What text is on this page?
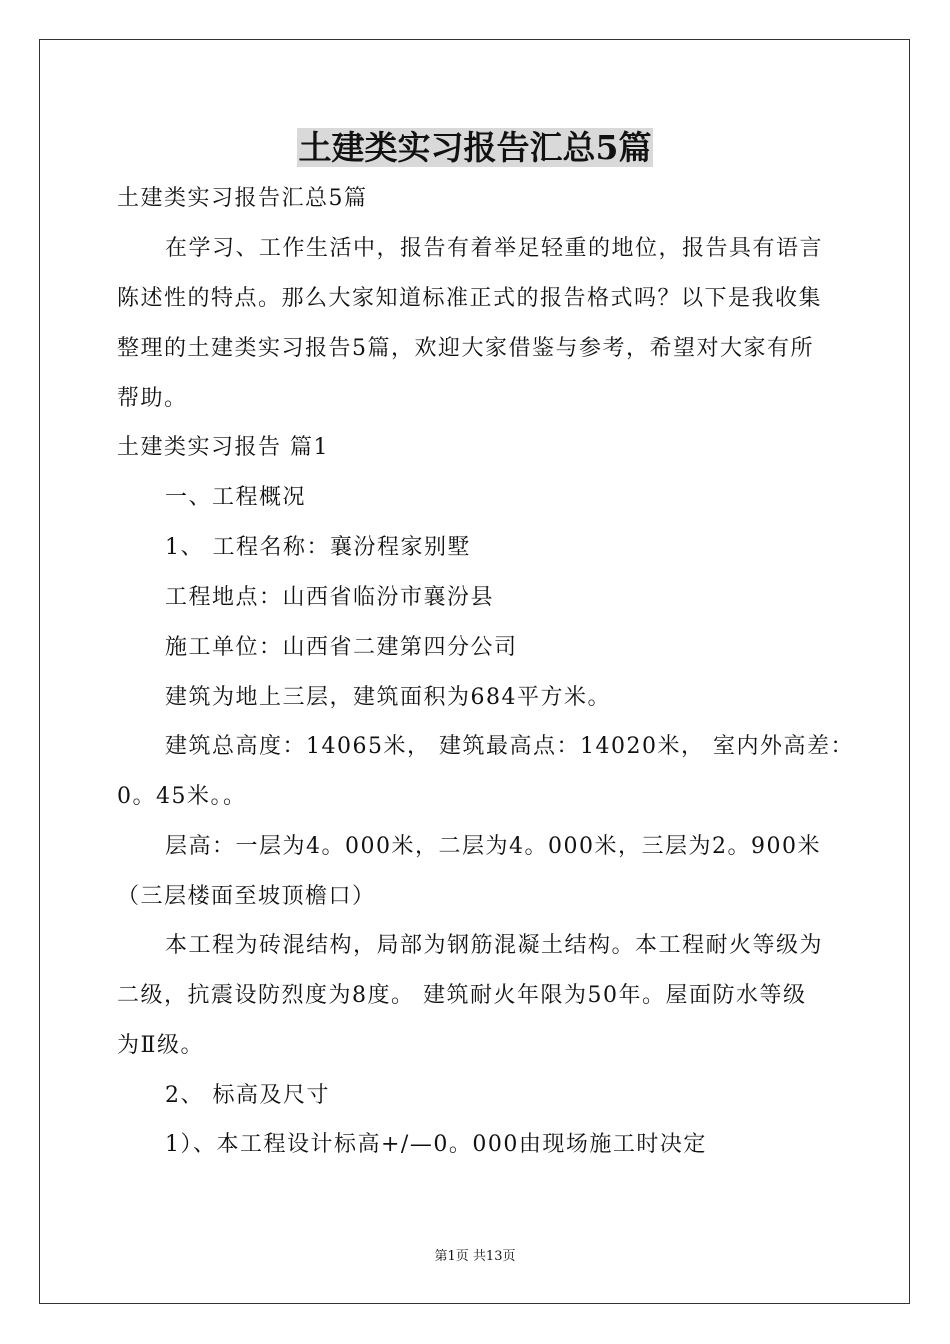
土建类实习报告汇总5篇
土建类实习报告汇总5篇
在学习、工作生活中，报告有着举足轻重的地位，报告具有语言
陈述性的特点。那么大家知道标准正式的报告格式吗？以下是我收集
整理的土建类实习报告5篇，欢迎大家借鉴与参考，希望对大家有所
帮助。
土建类实习报告 篇1
一、工程概况
1、 工程名称：襄汾程家别墅
工程地点：山西省临汾市襄汾县
施工单位：山西省二建第四分公司
建筑为地上三层，建筑面积为684平方米。
建筑总高度：14065米， 建筑最高点：14020米， 室内外高差：
0。45米。。
层高：一层为4。000米，二层为4。000米，三层为2。900米
（三层楼面至坡顶檐口）
本工程为砖混结构，局部为钢筋混凝土结构。本工程耐火等级为
二级，抗震设防烈度为8度。 建筑耐火年限为50年。屋面防水等级
为Ⅱ级。
2、 标高及尺寸
1）、本工程设计标高+/—0。000由现场施工时决定
第1页 共13页
